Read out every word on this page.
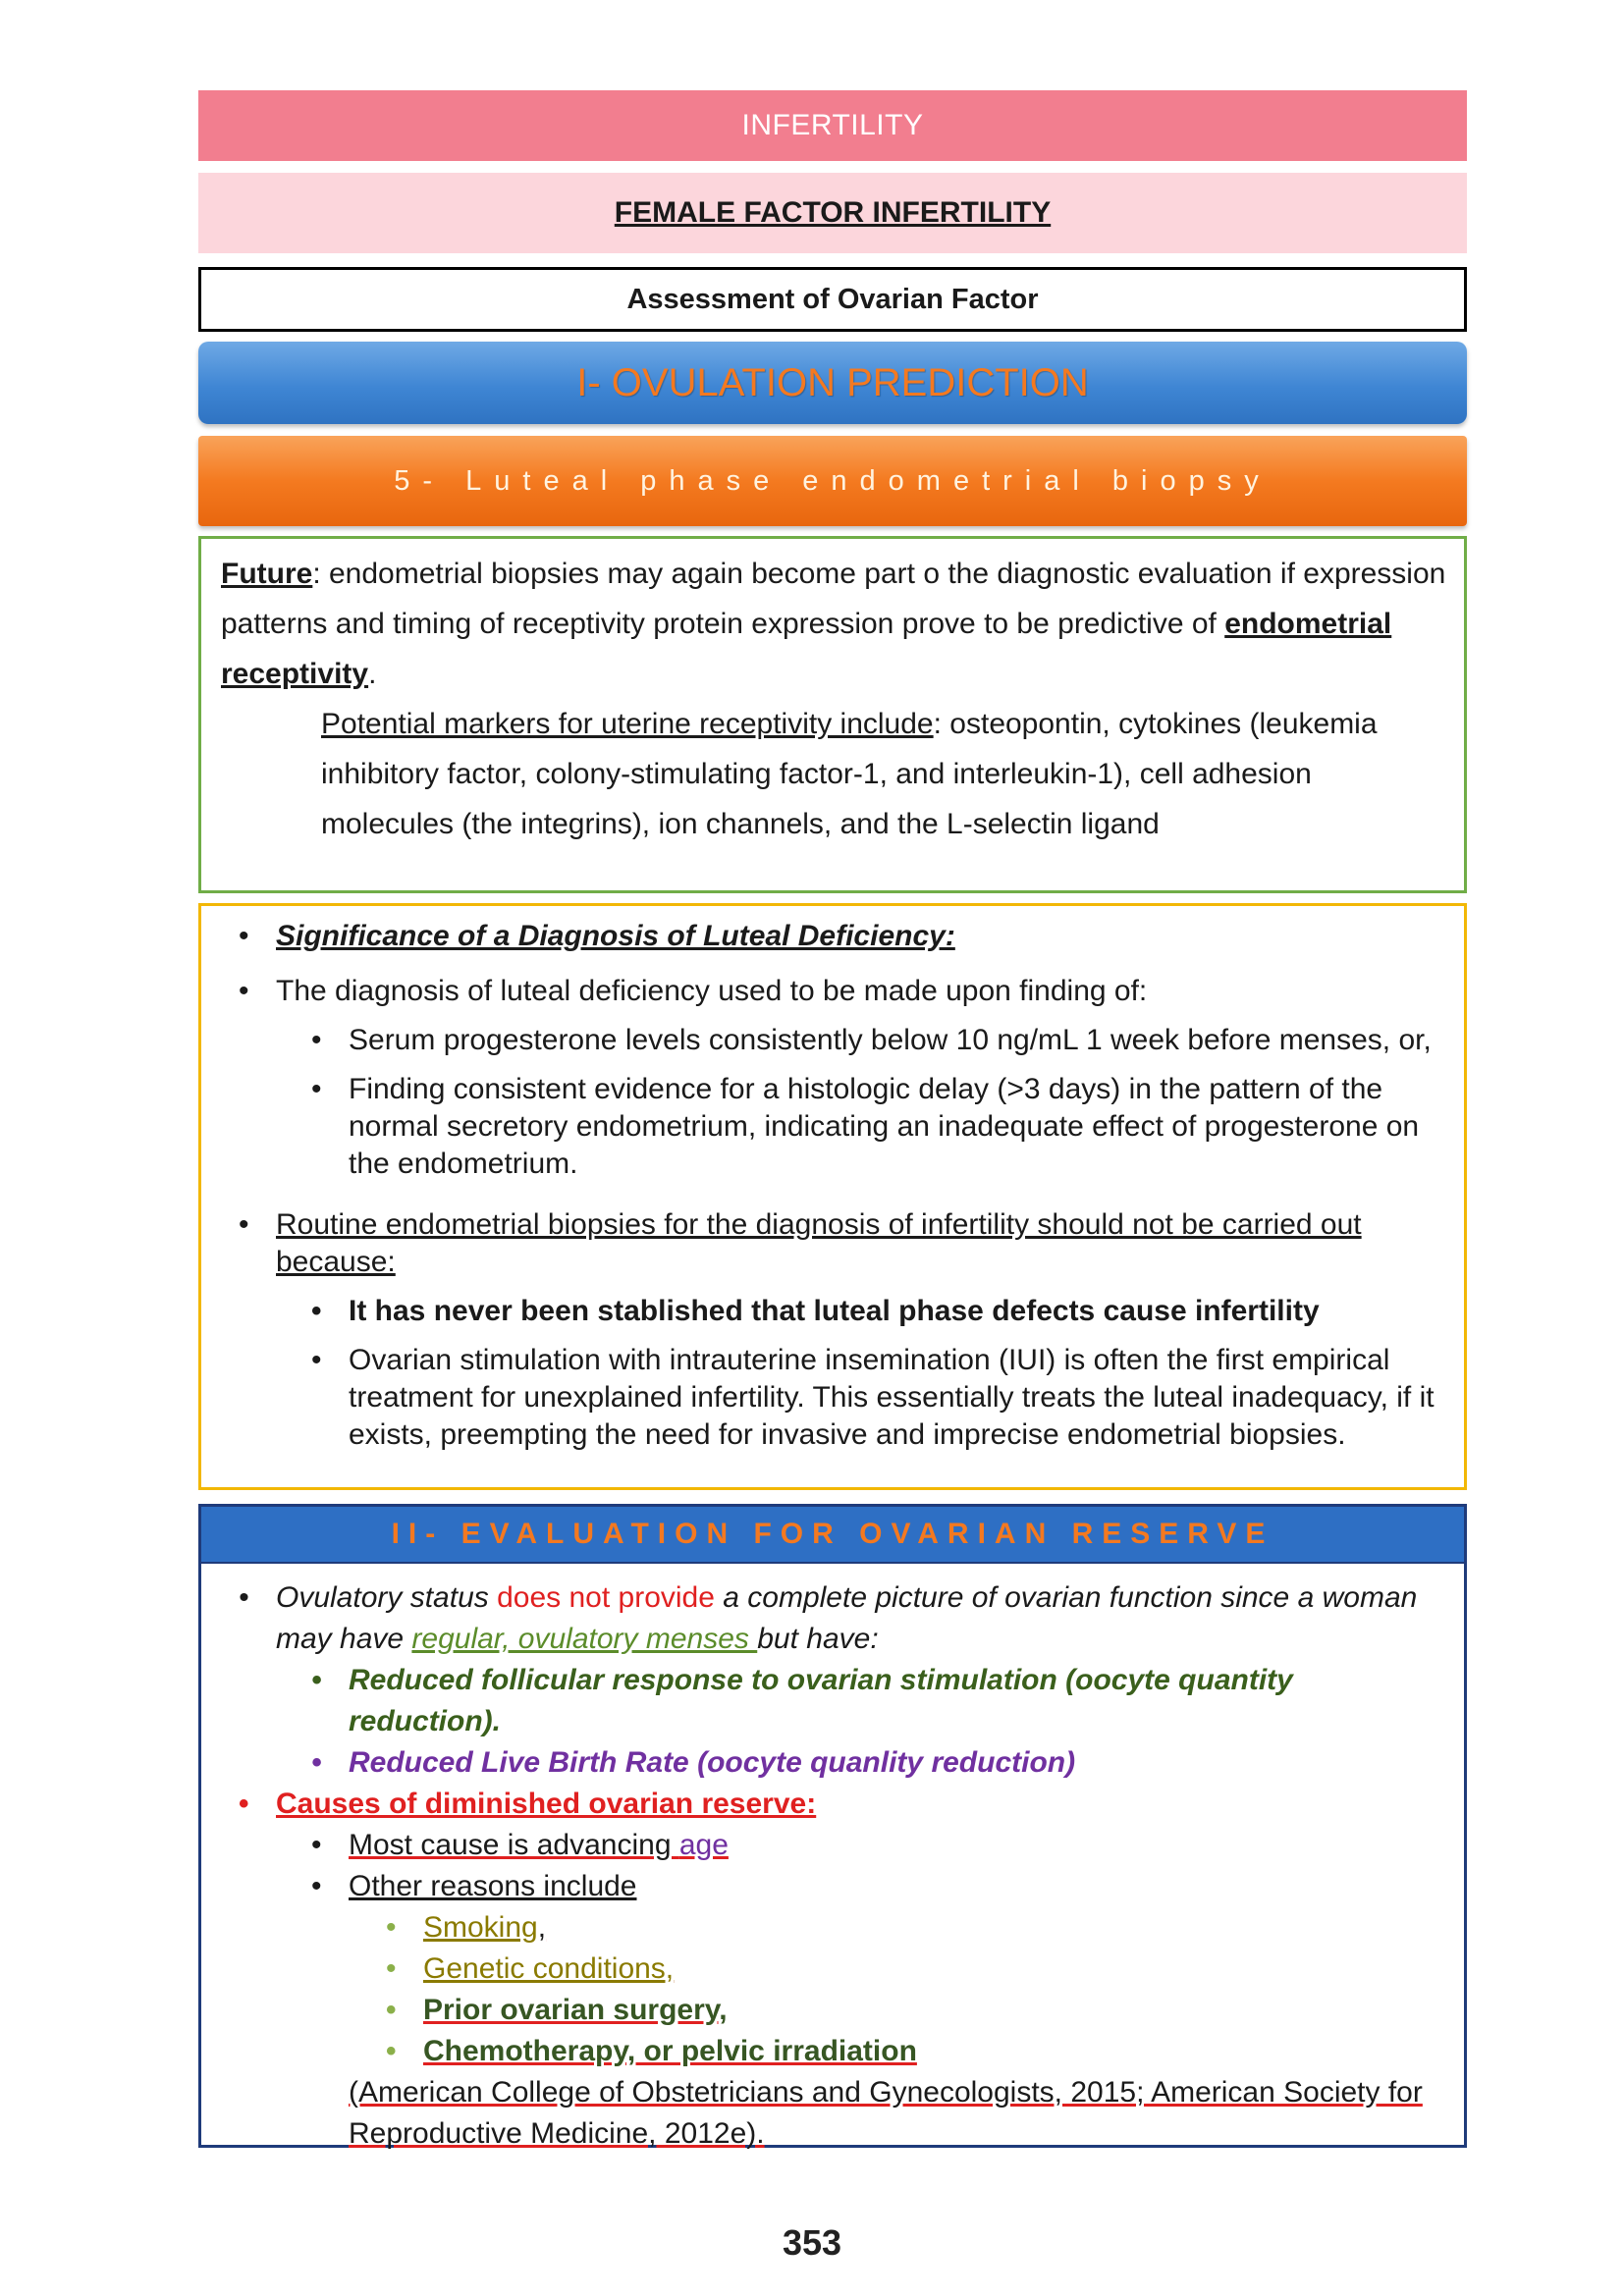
INFERTILITY
FEMALE FACTOR INFERTILITY
Assessment of Ovarian Factor
I- OVULATION PREDICTION
5- Luteal phase endometrial biopsy
Future: endometrial biopsies may again become part o the diagnostic evaluation if expression patterns and timing of receptivity protein expression prove to be predictive of endometrial receptivity.
Potential markers for uterine receptivity include: osteopontin, cytokines (leukemia inhibitory factor, colony-stimulating factor-1, and interleukin-1), cell adhesion molecules (the integrins), ion channels, and the L-selectin ligand
• Significance of a Diagnosis of Luteal Deficiency:
• The diagnosis of luteal deficiency used to be made upon finding of:
• Serum progesterone levels consistently below 10 ng/mL 1 week before menses, or,
• Finding consistent evidence for a histologic delay (>3 days) in the pattern of the normal secretory endometrium, indicating an inadequate effect of progesterone on the endometrium.
• Routine endometrial biopsies for the diagnosis of infertility should not be carried out because:
• It has never been stablished that luteal phase defects cause infertility
• Ovarian stimulation with intrauterine insemination (IUI) is often the first empirical treatment for unexplained infertility. This essentially treats the luteal inadequacy, if it exists, preempting the need for invasive and imprecise endometrial biopsies.
II- EVALUATION FOR OVARIAN RESERVE
• Ovulatory status does not provide a complete picture of ovarian function since a woman may have regular, ovulatory menses but have:
• Reduced follicular response to ovarian stimulation (oocyte quantity reduction).
• Reduced Live Birth Rate (oocyte quanlity reduction)
• Causes of diminished ovarian reserve:
• Most cause is advancing age
• Other reasons include
• Smoking,
• Genetic conditions,
• Prior ovarian surgery,
• Chemotherapy, or pelvic irradiation
(American College of Obstetricians and Gynecologists, 2015; American Society for Reproductive Medicine, 2012e).
353
